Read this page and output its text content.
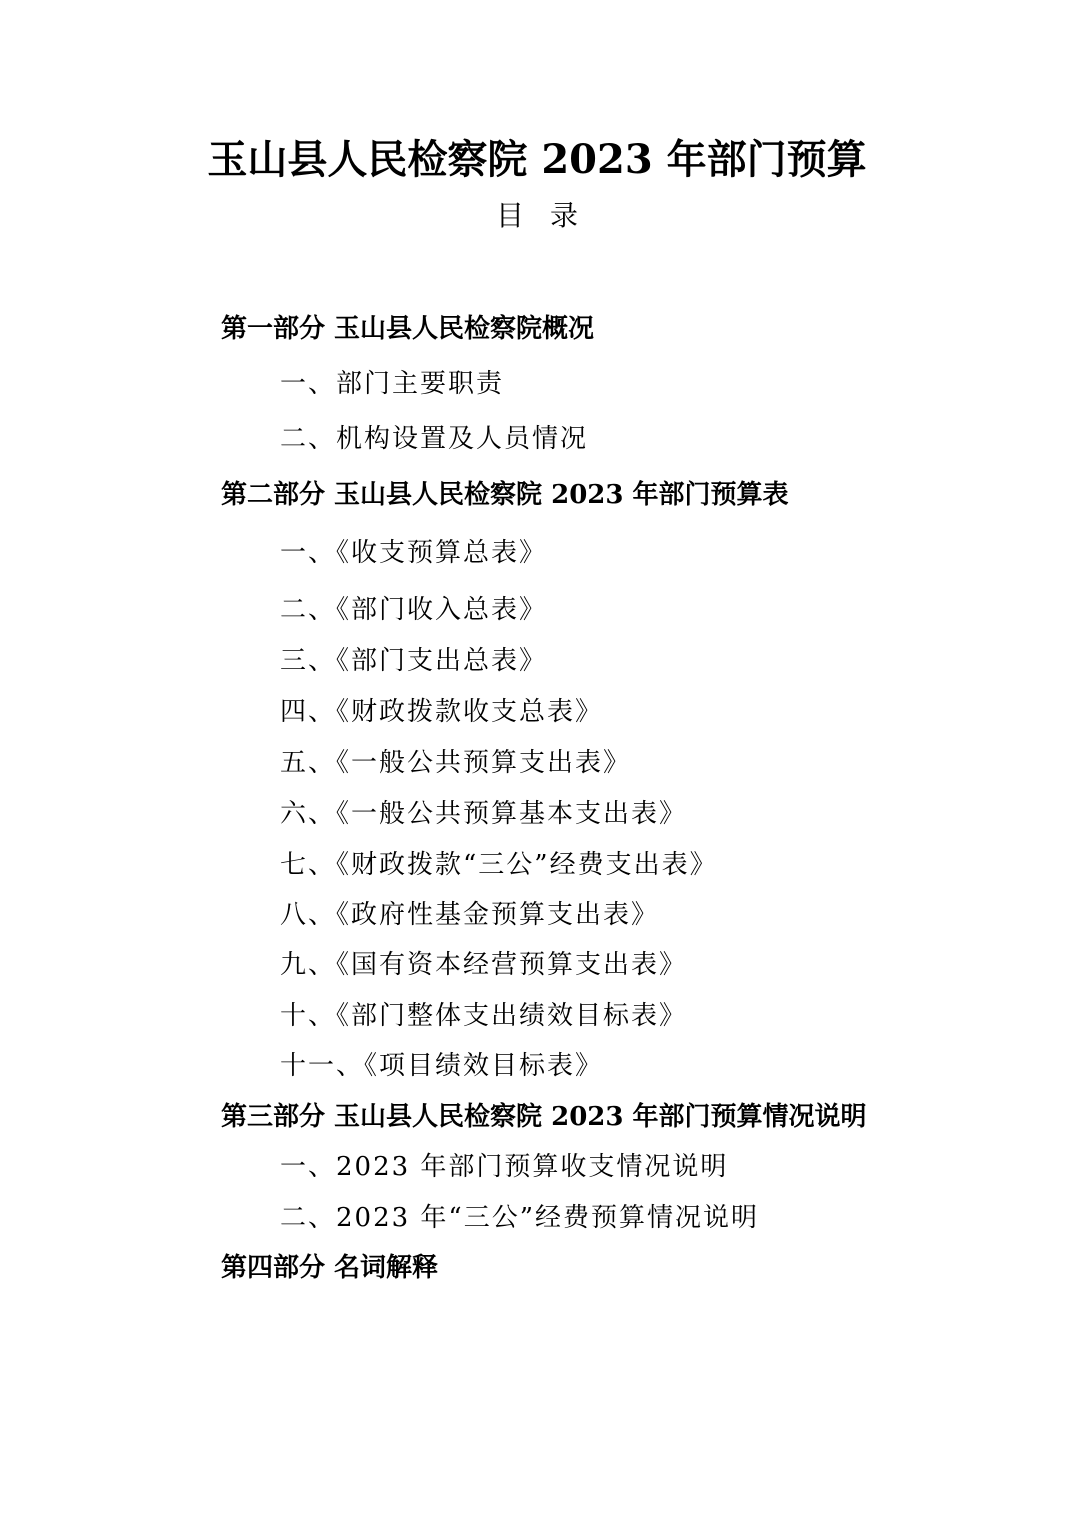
玉山县人民检察院 2023 年部门预算
目录
第一部分 玉山县人民检察院概况
一、部门主要职责
二、机构设置及人员情况
第二部分 玉山县人民检察院 2023 年部门预算表
一、《收支预算总表》
二、《部门收入总表》
三、《部门支出总表》
四、《财政拨款收支总表》
五、《一般公共预算支出表》
六、《一般公共预算基本支出表》
七、《财政拨款“三公”经费支出表》
八、《政府性基金预算支出表》
九、《国有资本经营预算支出表》
十、《部门整体支出绩效目标表》
十一、《项目绩效目标表》
第三部分 玉山县人民检察院 2023 年部门预算情况说明
一、2023 年部门预算收支情况说明
二、2023 年“三公”经费预算情况说明
第四部分 名词解释
